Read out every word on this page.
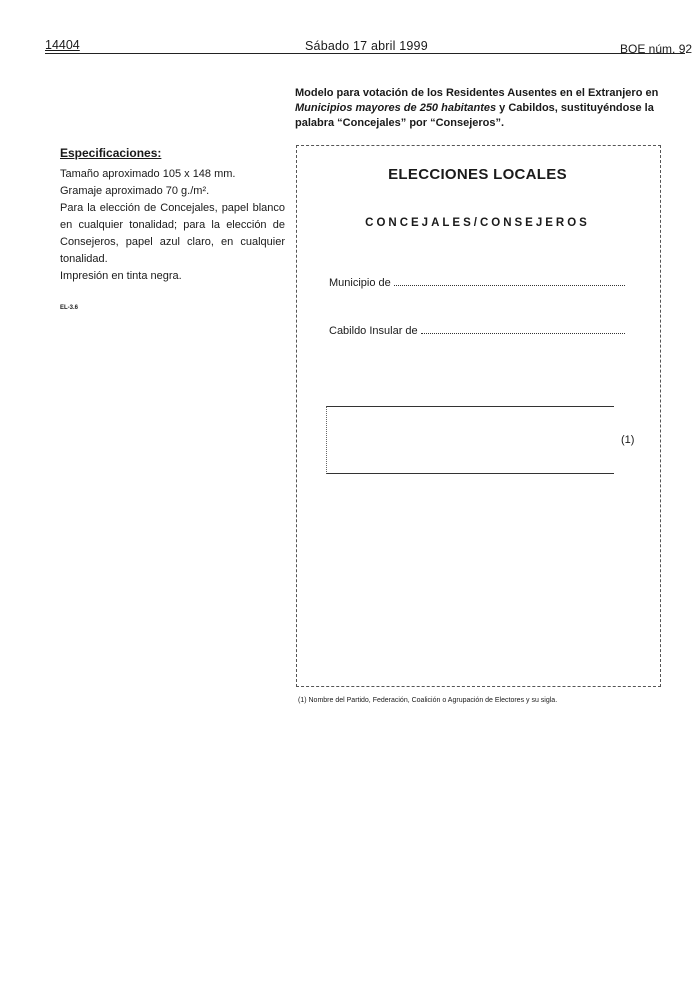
14404	Sábado 17 abril 1999	BOE núm. 92
Modelo para votación de los Residentes Ausentes en el Extranjero en
Municipios mayores de 250 habitantes y Cabildos, sustituyéndose la
palabra “Concejales” por “Consejeros”.
Especificaciones:
Tamaño aproximado 105 x 148 mm.
Gramaje aproximado 70 g./m².
Para la elección de Concejales, papel blanco en cualquier tonalidad; para la elección de Consejeros, papel azul claro, en cualquier tonalidad.
Impresión en tinta negra.
EL-3.6
ELECCIONES LOCALES
CONCEJALES/CONSEJEROS
Municipio de
Cabildo Insular de
(1)
(1) Nombre del Partido, Federación, Coalición o Agrupación de Electores y su sigla.
